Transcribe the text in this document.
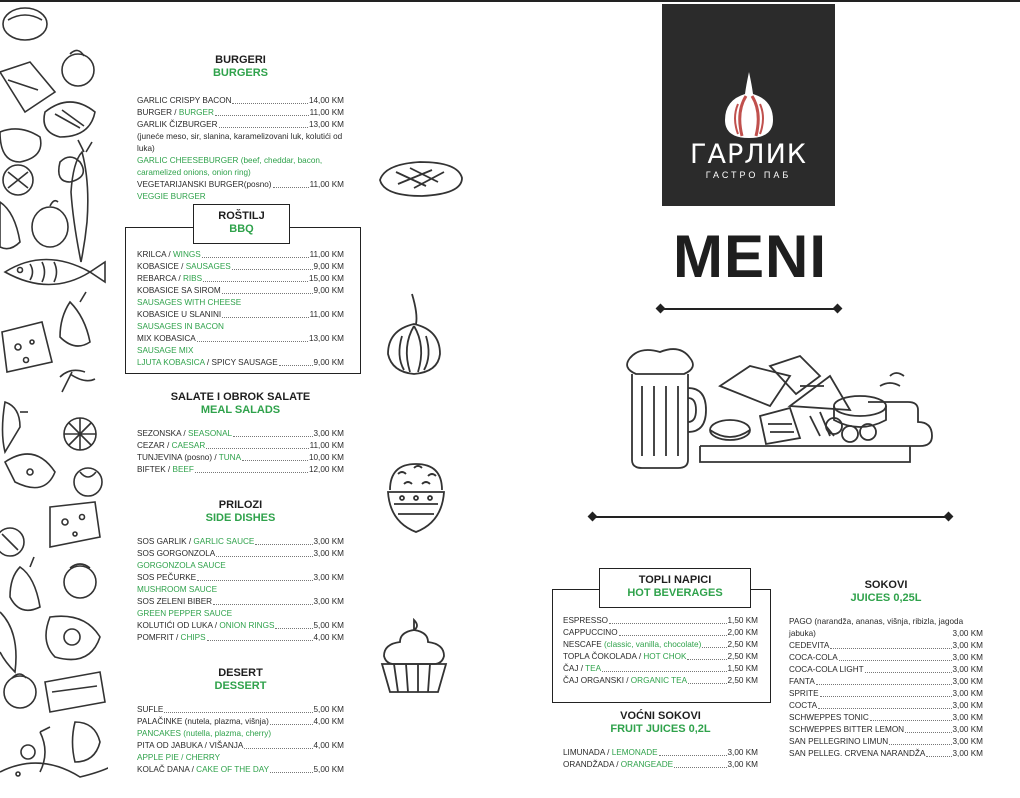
BURGERI
BURGERS
GARLIC CRISPY BACON	14,00 KM
BURGER / BURGER	11,00 KM
GARLIK ČIZBURGER	13,00 KM
(juneće meso, sir, slanina, karamelizovani luk, kolutići od luka)
GARLIC CHEESEBURGER (beef, cheddar, bacon, caramelized onions, onion ring)
VEGETARIJANSKI BURGER(posno)	11,00 KM
VEGGIE BURGER
ROŠTILJ
BBQ
KRILCA / WINGS	11,00 KM
KOBASICE / SAUSAGES	9,00 KM
REBARCA / RIBS	15,00 KM
KOBASICE SA SIROM	9,00 KM
SAUSAGES WITH CHEESE
KOBASICE U SLANINI	11,00 KM
SAUSAGES IN BACON
MIX KOBASICA	13,00 KM
SAUSAGE MIX
LJUTA KOBASICA / SPICY SAUSAGE	9,00 KM
SALATE I OBROK SALATE
MEAL SALADS
SEZONSKA / SEASONAL	3,00 KM
CEZAR / CAESAR	11,00 KM
TUNJEVINA (posno) / TUNA	10,00 KM
BIFTEK / BEEF	12,00 KM
PRILOZI
SIDE DISHES
SOS GARLIK / GARLIC SAUCE	3,00 KM
SOS GORGONZOLA	3,00 KM
GORGONZOLA SAUCE
SOS PEČURKE	3,00 KM
MUSHROOM SAUCE
SOS ZELENI BIBER	3,00 KM
GREEN PEPPER SAUCE
KOLUTIĆI OD LUKA / ONION RINGS	5,00 KM
POMFRIT / CHIPS	4,00 KM
DESERT
DESSERT
SUFLE	5,00 KM
PALAČINKE (nutela, plazma, višnja)	4,00 KM
PANCAKES (nutella, plazma, cherry)
PITA OD JABUKA / VIŠANJA	4,00 KM
APPLE PIE / CHERRY
KOLAČ DANA / CAKE OF THE DAY	5,00 KM
ГАРЛИК
ГАСТРО ПАБ
MENI
TOPLI NAPICI
HOT BEVERAGES
ESPRESSO	1,50 KM
CAPPUCCINO	2,00 KM
NESCAFE (classic, vanilla, chocolate)	2,50 KM
TOPLA ČOKOLADA / HOT CHOK	2,50 KM
ČAJ / TEA	1,50 KM
ČAJ ORGANSKI / ORGANIC TEA	2,50 KM
VOĆNI SOKOVI
FRUIT JUICES 0,2L
LIMUNADA / LEMONADE	3,00 KM
ORANDŽADA / ORANGEADE	3,00 KM
SOKOVI
JUICES 0,25L
PAGO (narandža, ananas, višnja, ribizla, jagoda jabuka)	3,00 KM
CEDEVITA	3,00 KM
COCA-COLA	3,00 KM
COCA-COLA LIGHT	3,00 KM
FANTA	3,00 KM
SPRITE	3,00 KM
COCTA	3,00 KM
SCHWEPPES TONIC	3,00 KM
SCHWEPPES BITTER LEMON	3,00 KM
SAN PELLEGRINO LIMUN	3,00 KM
SAN PELLEG. CRVENA NARANDŽA	3,00 KM
